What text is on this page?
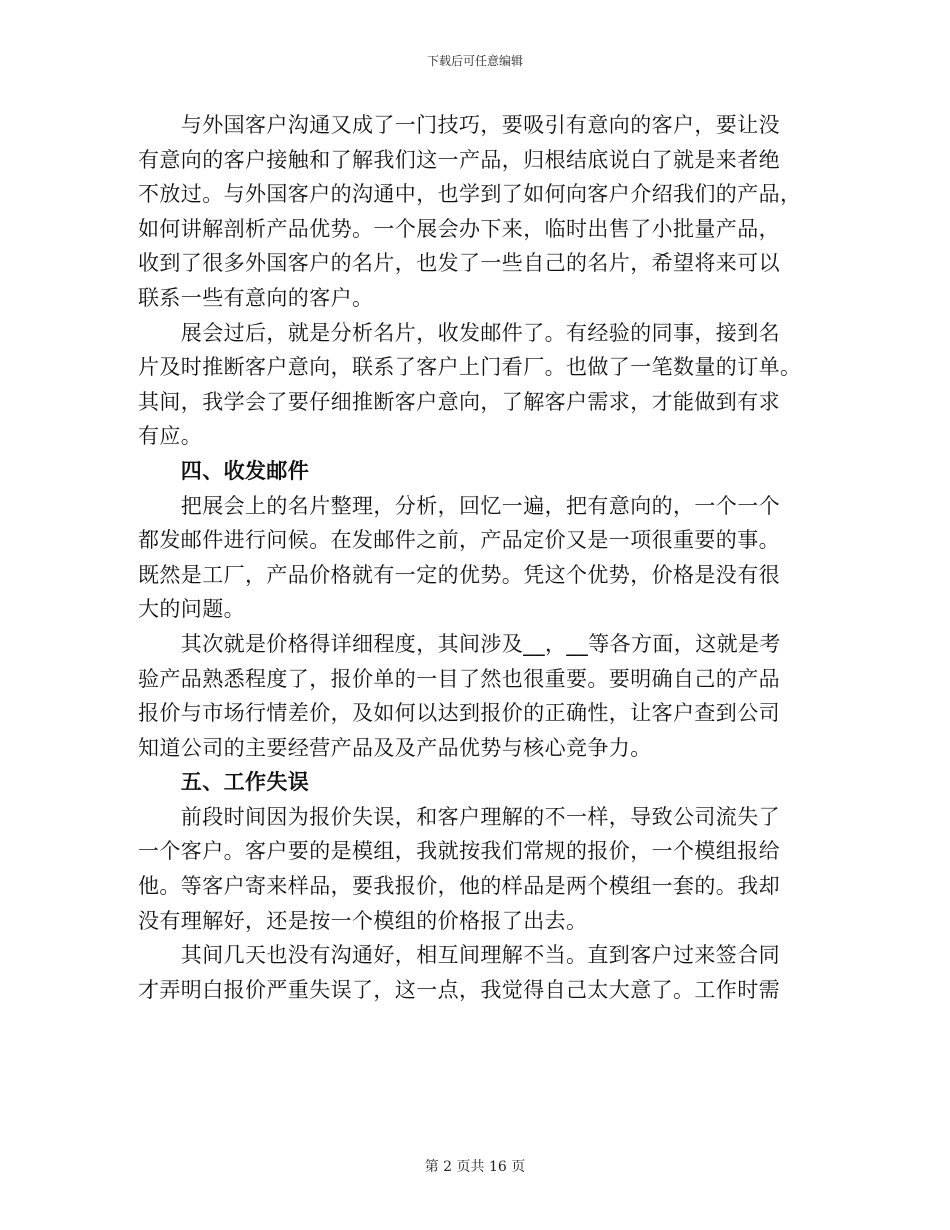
下载后可任意编辑
　　与外国客户沟通又成了一门技巧，要吸引有意向的客户，要让没
有意向的客户接触和了解我们这一产品，归根结底说白了就是来者绝
不放过。与外国客户的沟通中，也学到了如何向客户介绍我们的产品，
如何讲解剖析产品优势。一个展会办下来，临时出售了小批量产品，
收到了很多外国客户的名片，也发了一些自己的名片，希望将来可以
联系一些有意向的客户。
　　展会过后，就是分析名片，收发邮件了。有经验的同事，接到名
片及时推断客户意向，联系了客户上门看厂。也做了一笔数量的订单。
其间，我学会了要仔细推断客户意向，了解客户需求，才能做到有求
有应。
　　四、收发邮件
　　把展会上的名片整理，分析，回忆一遍，把有意向的，一个一个
都发邮件进行问候。在发邮件之前，产品定价又是一项很重要的事。
既然是工厂，产品价格就有一定的优势。凭这个优势，价格是没有很
大的问题。
　　其次就是价格得详细程度，其间涉及__，__等各方面，这就是考
验产品熟悉程度了，报价单的一目了然也很重要。要明确自己的产品
报价与市场行情差价，及如何以达到报价的正确性，让客户查到公司
知道公司的主要经营产品及及产品优势与核心竞争力。
　　五、工作失误
　　前段时间因为报价失误，和客户理解的不一样，导致公司流失了
一个客户。客户要的是模组，我就按我们常规的报价，一个模组报给
他。等客户寄来样品，要我报价，他的样品是两个模组一套的。我却
没有理解好，还是按一个模组的价格报了出去。
　　其间几天也没有沟通好，相互间理解不当。直到客户过来签合同
才弄明白报价严重失误了，这一点，我觉得自己太大意了。工作时需
第 2 页共 16 页
